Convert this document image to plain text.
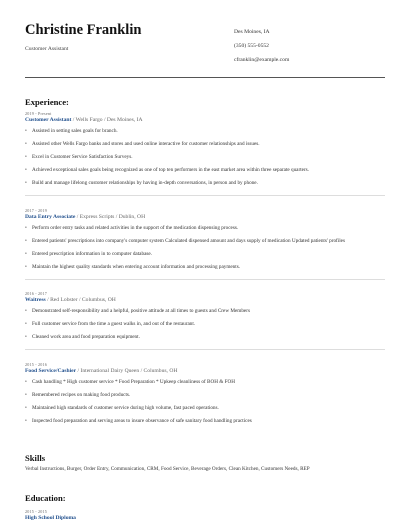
Christine Franklin
Customer Assistant
Des Moines, IA
(350) 555-0552
cfranklin@example.com
Experience:
2019 - Present
Customer Assistant / Wells Fargo / Des Moines, IA
• Assisted in setting sales goals for branch.
• Assisted other Wells Fargo banks and stores and used online interactive for customer relationships and issues.
• Excel in Customer Service Satisfaction Surveys.
• Achieved exceptional sales goals being recognized as one of top ten performers in the east market area within three separate quarters.
• Build and manage lifelong customer relationships by having in-depth conversations, in person and by phone.
2017 - 2019
Data Entry Associate / Express Scripts / Dublin, OH
• Perform order entry tasks and related activities in the support of the medication dispensing process.
• Entered patients' prescriptions into company's computer system Calculated dispensed amount and days supply of medication Updated patients' profiles
• Entered prescription information in to computer database.
• Maintain the highest quality standards when entering account information and processing payments.
2016 - 2017
Waitress / Red Lobster / Columbus, OH
• Demonstrated self-responsibility and a helpful, positive attitude at all times to guests and Crew Members
• Full customer service from the time a guest walks in, and out of the restaurant.
• Cleaned work area and food preparation equipment.
2015 - 2016
Food Service/Cashier / International Dairy Queen / Columbus, OH
• Cash handling * High customer service * Food Preparation * Upkeep cleanliness of BOH & FOH
• Remembered recipes on making food products.
• Maintained high standards of customer service during high volume, fast paced operations.
• Inspected food preparation and serving areas to insure observance of safe sanitary food handling practices
Skills
Verbal Instructions, Burger, Order Entry, Communication, CRM, Food Service, Beverage Orders, Clean Kitchen, Customers Needs, REP
Education:
2015 - 2015
High School Diploma
